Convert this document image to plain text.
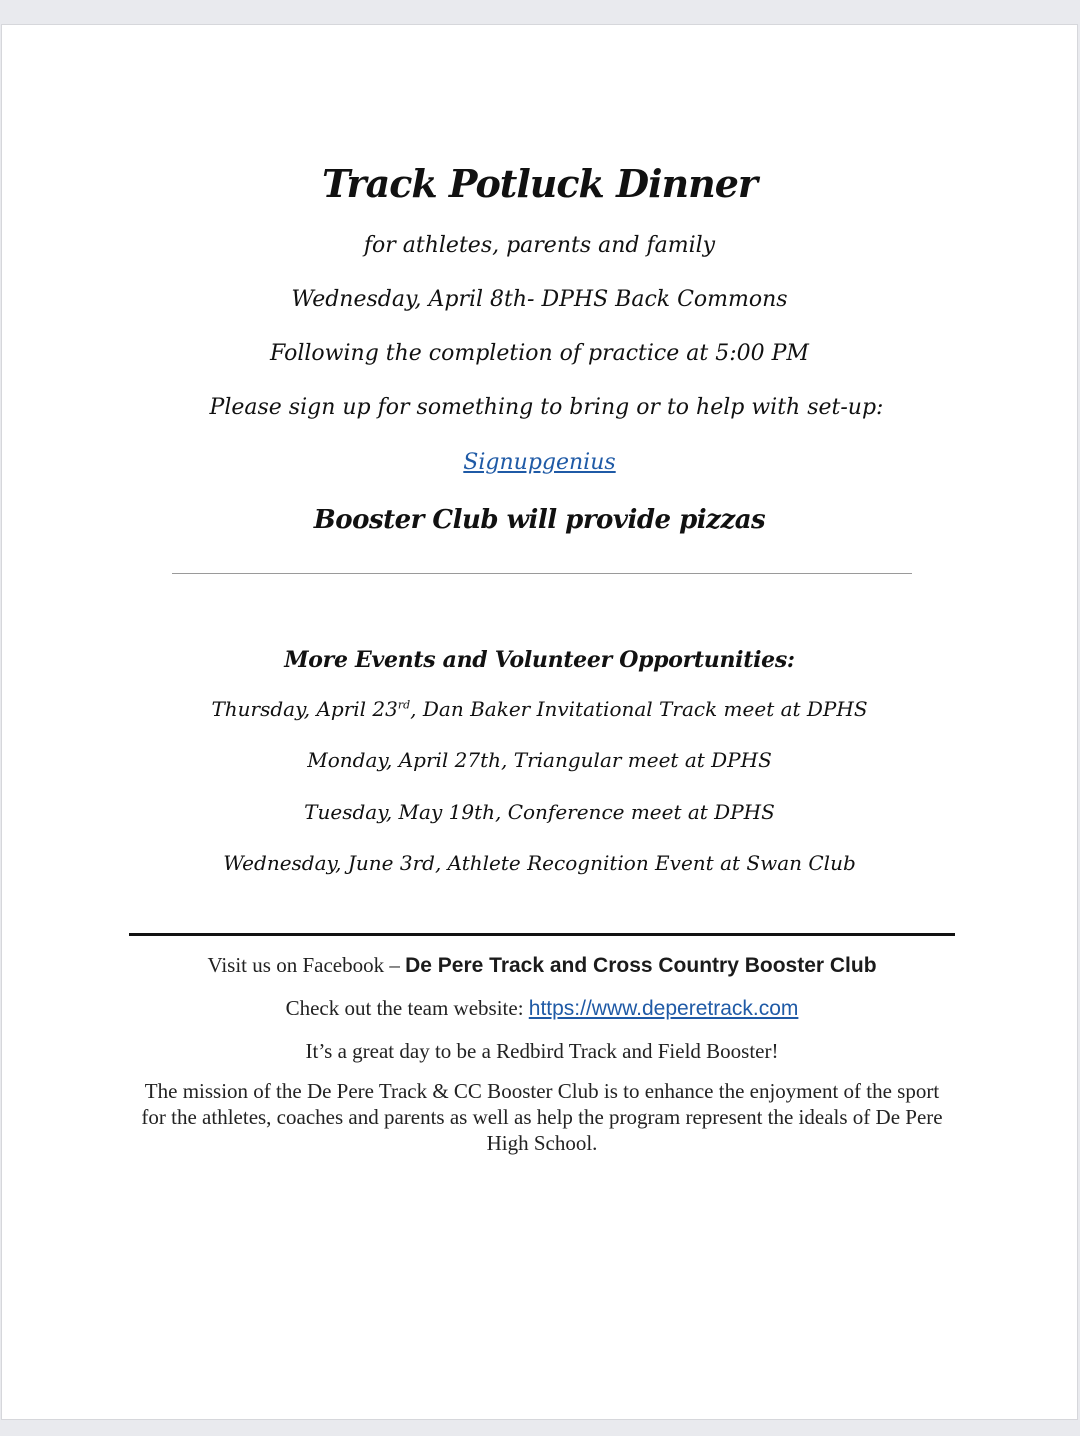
Track Potluck Dinner
for athletes, parents and family
Wednesday, April 8th- DPHS Back Commons
Following the completion of practice at 5:00 PM
Please sign up for something to bring or to help with set-up:
Signupgenius
Booster Club will provide pizzas
More Events and Volunteer Opportunities:
Thursday, April 23rd, Dan Baker Invitational Track meet at DPHS
Monday, April 27th, Triangular meet at DPHS
Tuesday, May 19th, Conference meet at DPHS
Wednesday, June 3rd, Athlete Recognition Event at Swan Club
Visit us on Facebook – De Pere Track and Cross Country Booster Club
Check out the team website: https://www.deperetrack.com
It’s a great day to be a Redbird Track and Field Booster!
The mission of the De Pere Track & CC Booster Club is to enhance the enjoyment of the sport for the athletes, coaches and parents as well as help the program represent the ideals of De Pere High School.
